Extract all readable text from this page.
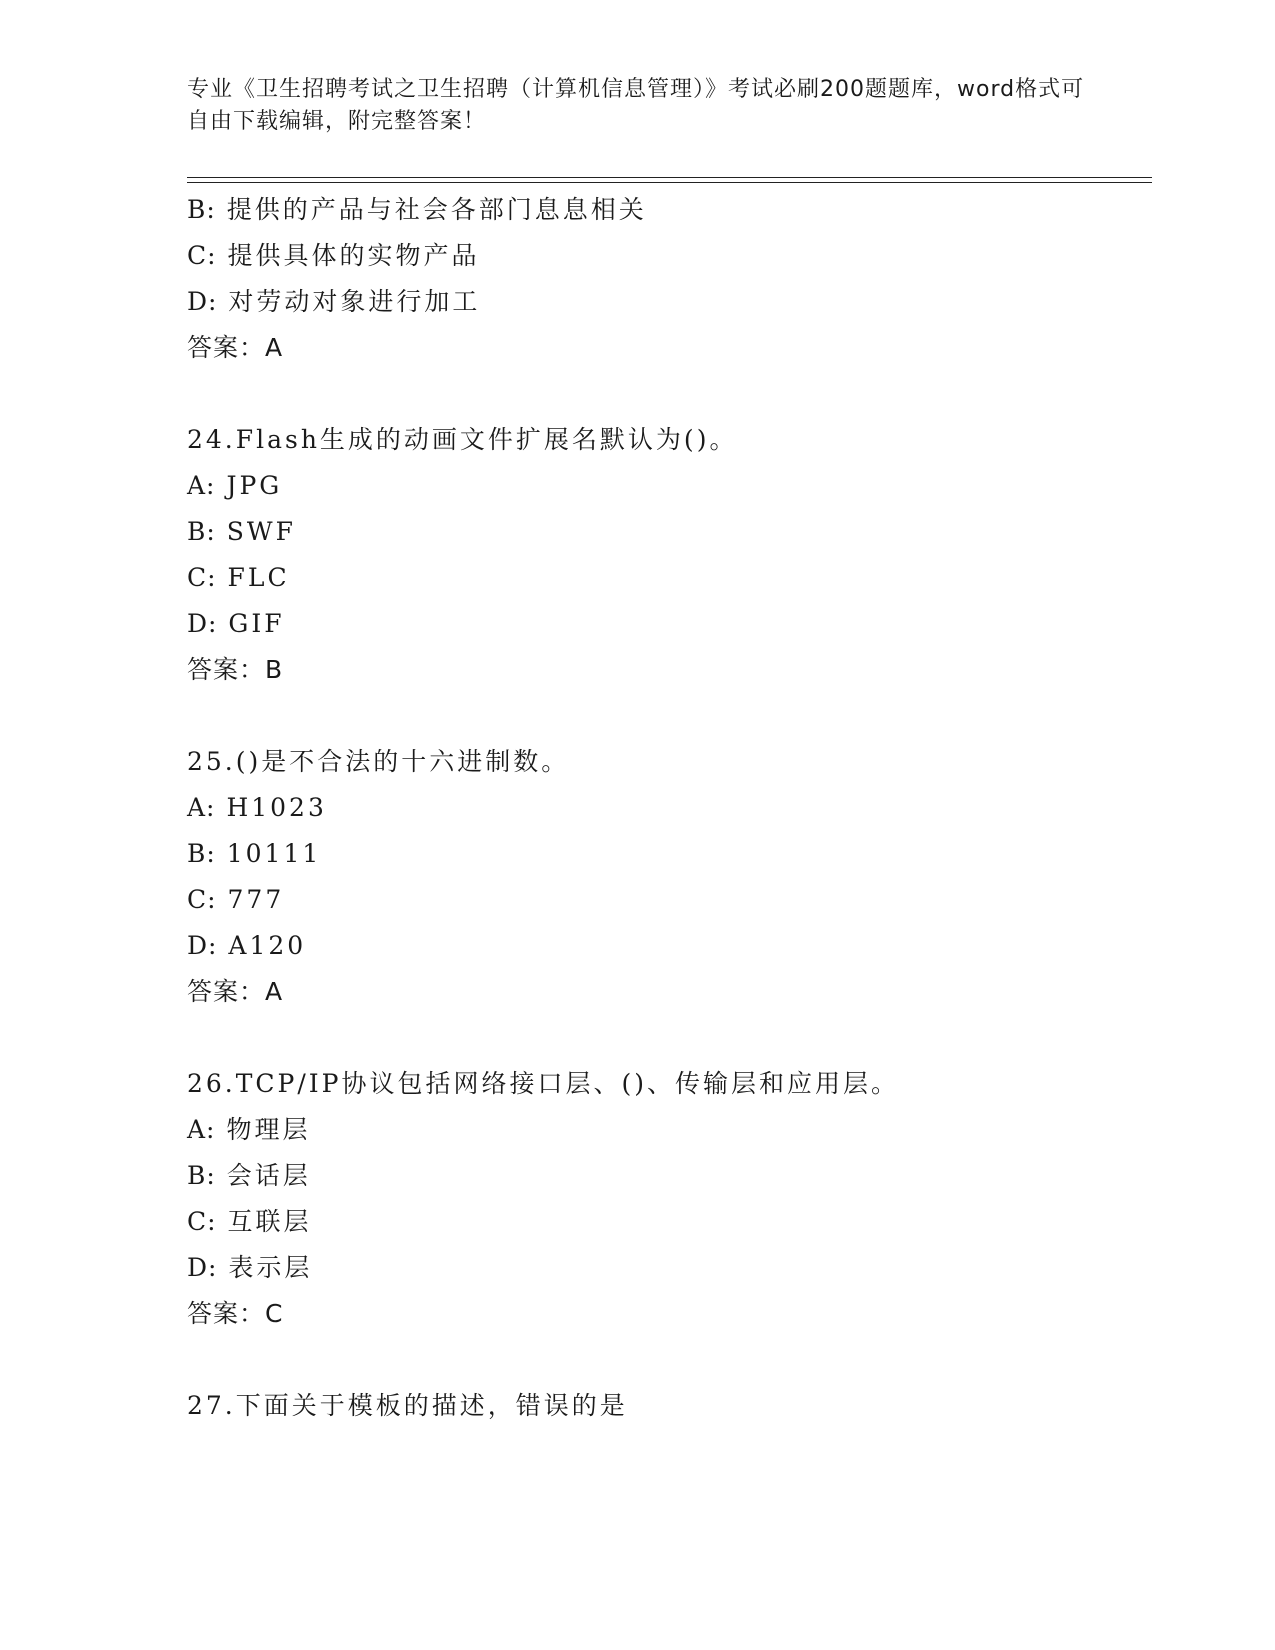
专业《卫生招聘考试之卫生招聘（计算机信息管理）》考试必刷200题题库，word格式可自由下载编辑，附完整答案！
B: 提供的产品与社会各部门息息相关
C: 提供具体的实物产品
D: 对劳动对象进行加工
答案：A
24.Flash生成的动画文件扩展名默认为()。
A: JPG
B: SWF
C: FLC
D: GIF
答案：B
25.()是不合法的十六进制数。
A: H1023
B: 10111
C: 777
D: A120
答案：A
26.TCP/IP协议包括网络接口层、()、传输层和应用层。
A: 物理层
B: 会话层
C: 互联层
D: 表示层
答案：C
27.下面关于模板的描述，错误的是
